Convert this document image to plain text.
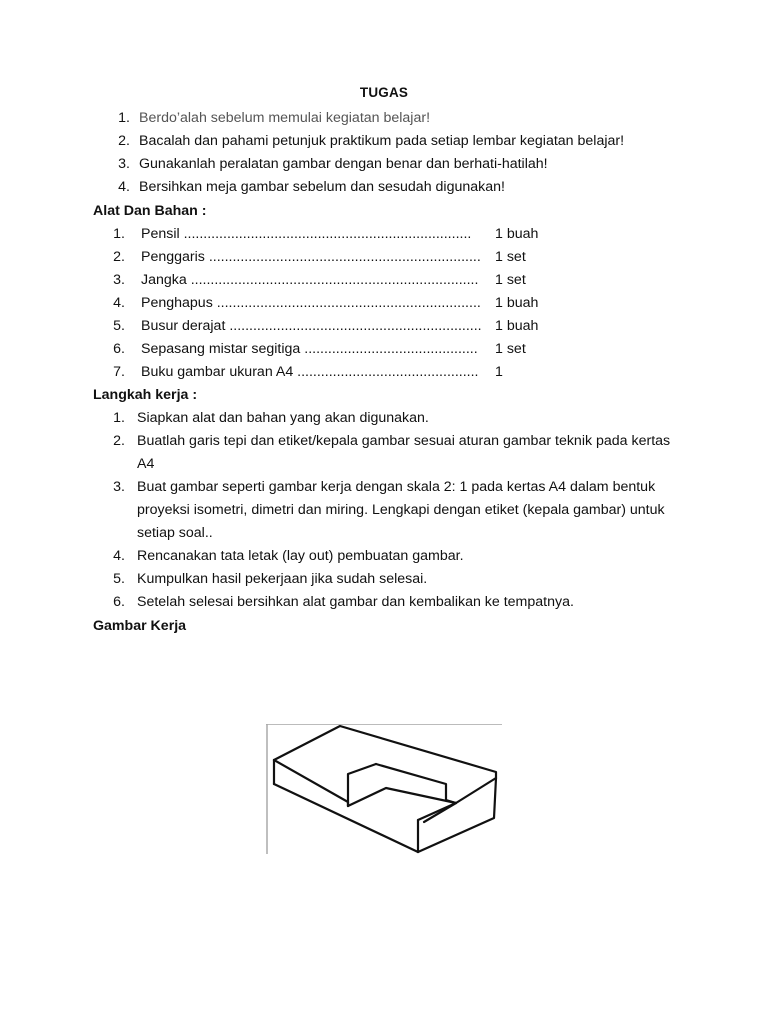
TUGAS
1. Berdo’alah sebelum memulai kegiatan belajar!
2. Bacalah dan pahami petunjuk praktikum pada setiap lembar kegiatan belajar!
3. Gunakanlah peralatan gambar dengan benar dan berhati-hatilah!
4. Bersihkan meja gambar sebelum dan sesudah digunakan!
Alat Dan Bahan :
1. Pensil ......................................................................... 1 buah
2. Penggaris ..................................................................... 1 set
3. Jangka ......................................................................... 1 set
4. Penghapus ................................................................... 1 buah
5. Busur derajat ................................................................ 1 buah
6. Sepasang mistar segitiga ............................................ 1 set
7. Buku gambar ukuran A4 .............................................. 1
Langkah kerja :
1. Siapkan alat dan bahan yang akan digunakan.
2. Buatlah garis tepi dan etiket/kepala gambar sesuai aturan gambar teknik pada kertas
A4
3. Buat gambar seperti gambar kerja dengan skala 2: 1 pada kertas A4 dalam bentuk
proyeksi isometri, dimetri dan miring. Lengkapi dengan etiket (kepala gambar) untuk
setiap soal..
4. Rencanakan tata letak (lay out) pembuatan gambar.
5. Kumpulkan hasil pekerjaan jika sudah selesai.
6. Setelah selesai bersihkan alat gambar dan kembalikan ke tempatnya.
Gambar Kerja
